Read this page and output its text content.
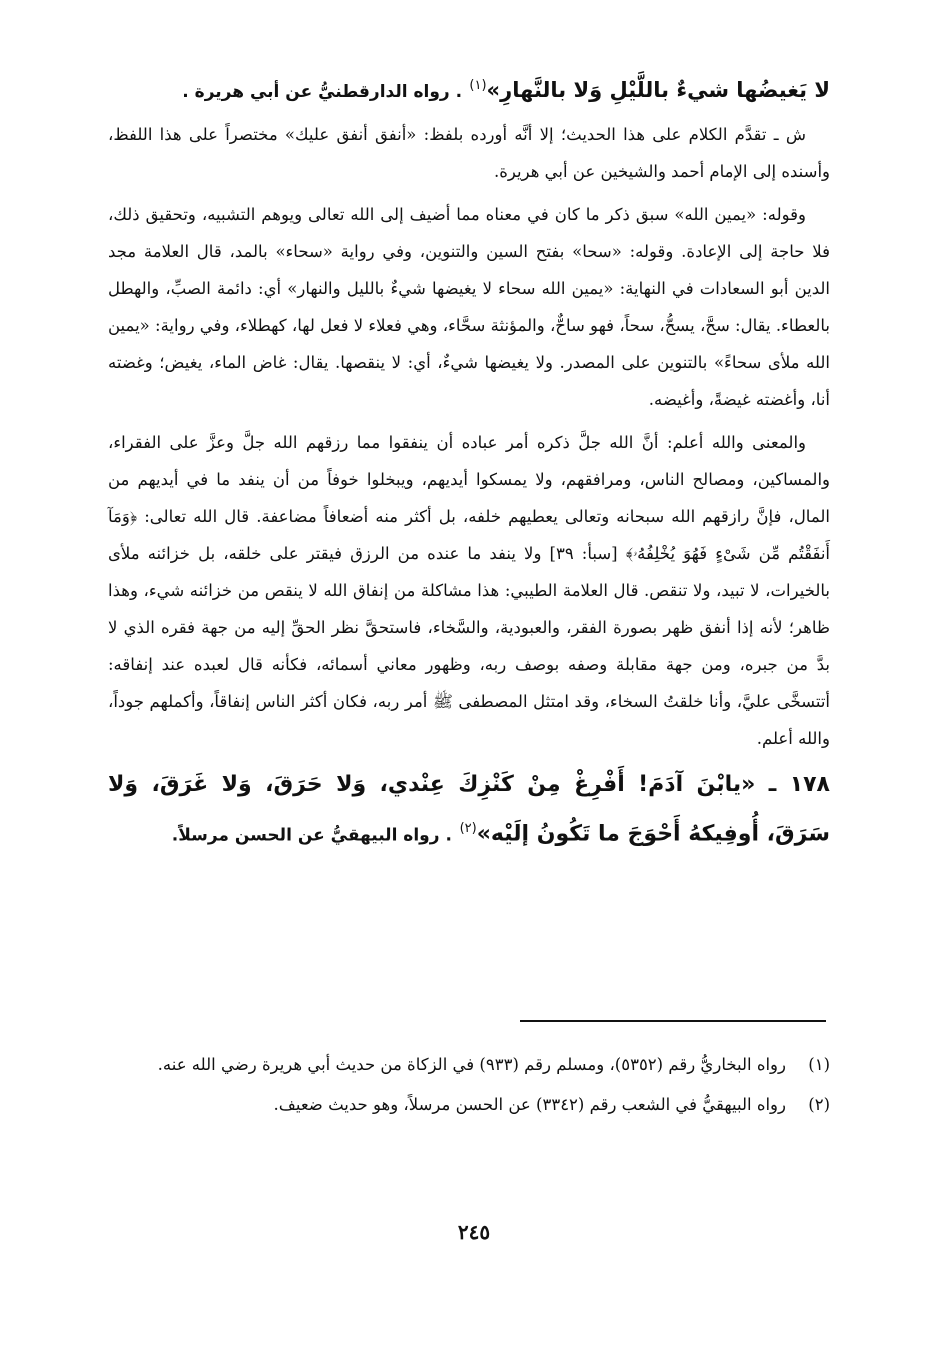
لا يَغيضُها شيءٌ باللَّيْلِ وَلا بالنَّهارِ»$^{(١)}$ . رواه الدارقطنيُّ عن أبي هريرة .

ش ـ تقدَّم الكلام على هذا الحديث؛ إلا أنَّه أورده بلفظ: «أنفق أنفق عليك» مختصراً على هذا اللفظ، وأسنده إلى الإمام أحمد والشيخين عن أبي هريرة.

وقوله: «يمين الله» سبق ذكر ما كان في معناه مما أضيف إلى الله تعالى ويوهم التشبيه، وتحقيق ذلك، فلا حاجة إلى الإعادة. وقوله: «سحا» بفتح السين والتنوين، وفي رواية «سحاء» بالمد، قال العلامة مجد الدين أبو السعادات في النهاية: «يمين الله سحاء لا يغيضها شيءٌ بالليل والنهار» أي: دائمة الصبِّ، والهطل بالعطاء. يقال: سحَّ، يسحُّ، سحاً، فهو ساحٌّ، والمؤنثة سحَّاء، وهي فعلاء لا فعل لها، كهطلاء، وفي رواية: «يمين الله ملأى سحاءً» بالتنوين على المصدر. ولا يغيضها شيءٌ، أي: لا ينقصها. يقال: غاض الماء، يغيض؛ وغضته أنا، وأغضته غيضةً، وأغيضه.

والمعنى والله أعلم: أنَّ الله جلَّ ذكره أمر عباده أن ينفقوا مما رزقهم الله جلَّ وعزَّ على الفقراء، والمساكين، ومصالح الناس، ومرافقهم، ولا يمسكوا أيديهم، ويبخلوا خوفاً من أن ينفد ما في أيديهم من المال، فإنَّ رازقهم الله سبحانه وتعالى يعطيهم خلفه، بل أكثر منه أضعافاً مضاعفة. قال الله تعالى: ﴿وَمَآ أَنفَقْتُم مِّن شَىْءٍ فَهُوَ يُخْلِفُهُۥ﴾ [سبأ: ٣٩] ولا ينفد ما عنده من الرزق فيقتر على خلقه، بل خزائنه ملأى بالخيرات، لا تبيد، ولا تنقص. قال العلامة الطيبي: هذا مشاكلة من إنفاق الله لا ينقص من خزائنه شيء، وهذا ظاهر؛ لأنه إذا أنفق ظهر بصورة الفقر، والعبودية، والسَّخاء، فاستحقَّ نظر الحقِّ إليه من جهة فقره الذي لا بدَّ من جبره، ومن جهة مقابلة وصفه بوصف ربه، وظهور معاني أسمائه، فكأنه قال لعبده عند إنفاقه: أتتسخَّى عليَّ، وأنا خلقتُ السخاء، وقد امتثل المصطفى ﷺ أمر ربه، فكان أكثر الناس إنفاقاً، وأكملهم جوداً، والله أعلم.

١٧٨ ـ «يابْنَ آدَمَ! أَفْرِغْ مِنْ كَنْزِكَ عِنْدي، وَلا حَرَقَ، وَلا غَرَقَ، وَلا سَرَقَ، أُوفِيكهُ أَحْوَجَ ما تَكُونُ إلَيْه»$^{(٢)}$ . رواه البيهقيُّ عن الحسن مرسلاً.
(١)
رواه البخاريُّ رقم (٥٣٥٢)، ومسلم رقم (٩٣٣) في الزكاة من حديث أبي هريرة رضي الله عنه.
(٢)
رواه البيهقيُّ في الشعب رقم (٣٣٤٢) عن الحسن مرسلاً، وهو حديث ضعيف.
٢٤٥
